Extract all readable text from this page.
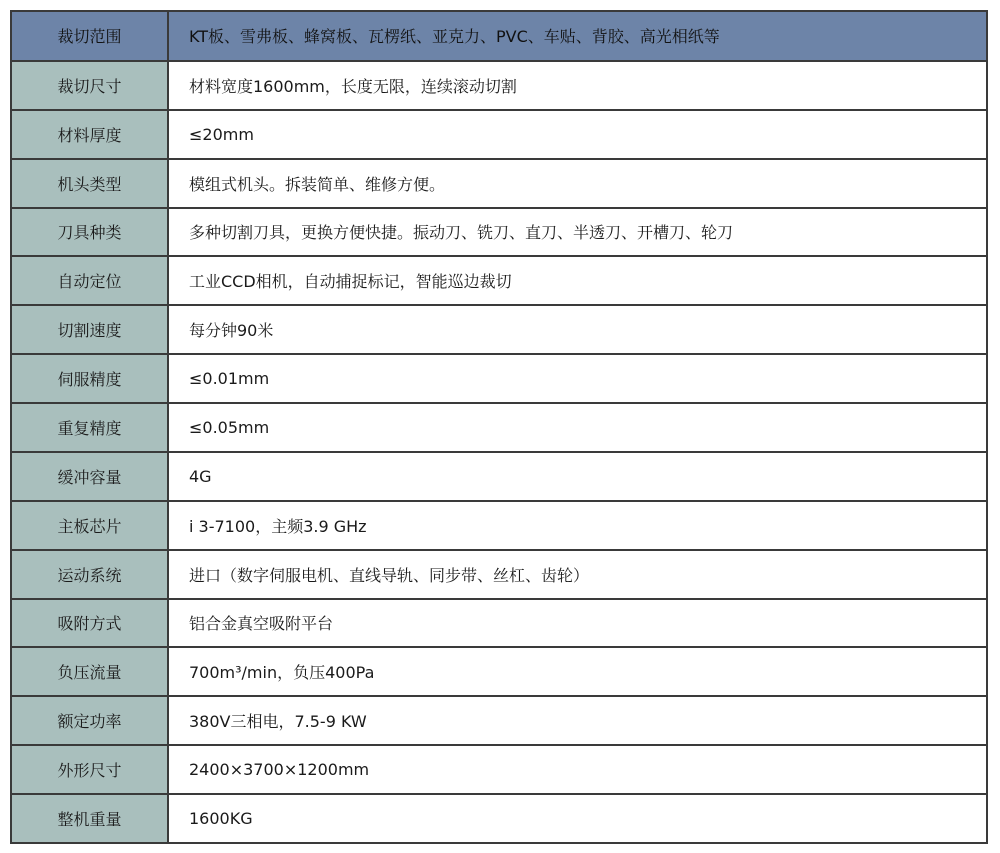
裁切范围	KT板、雪弗板、蜂窝板、瓦楞纸、亚克力、PVC、车贴、背胶、高光相纸等
裁切尺寸	材料宽度1600mm，长度无限，连续滚动切割
材料厚度	≤20mm
机头类型	模组式机头。拆装简单、维修方便。
刀具种类	多种切割刀具，更换方便快捷。振动刀、铣刀、直刀、半透刀、开槽刀、轮刀
自动定位	工业CCD相机，自动捕捉标记，智能巡边裁切
切割速度	每分钟90米
伺服精度	≤0.01mm
重复精度	≤0.05mm
缓冲容量	4G
主板芯片	i 3-7100，主频3.9 GHz
运动系统	进口（数字伺服电机、直线导轨、同步带、丝杠、齿轮）
吸附方式	铝合金真空吸附平台
负压流量	700m³/min，负压400Pa
额定功率	380V三相电，7.5-9 KW
外形尺寸	2400×3700×1200mm
整机重量	1600KG
